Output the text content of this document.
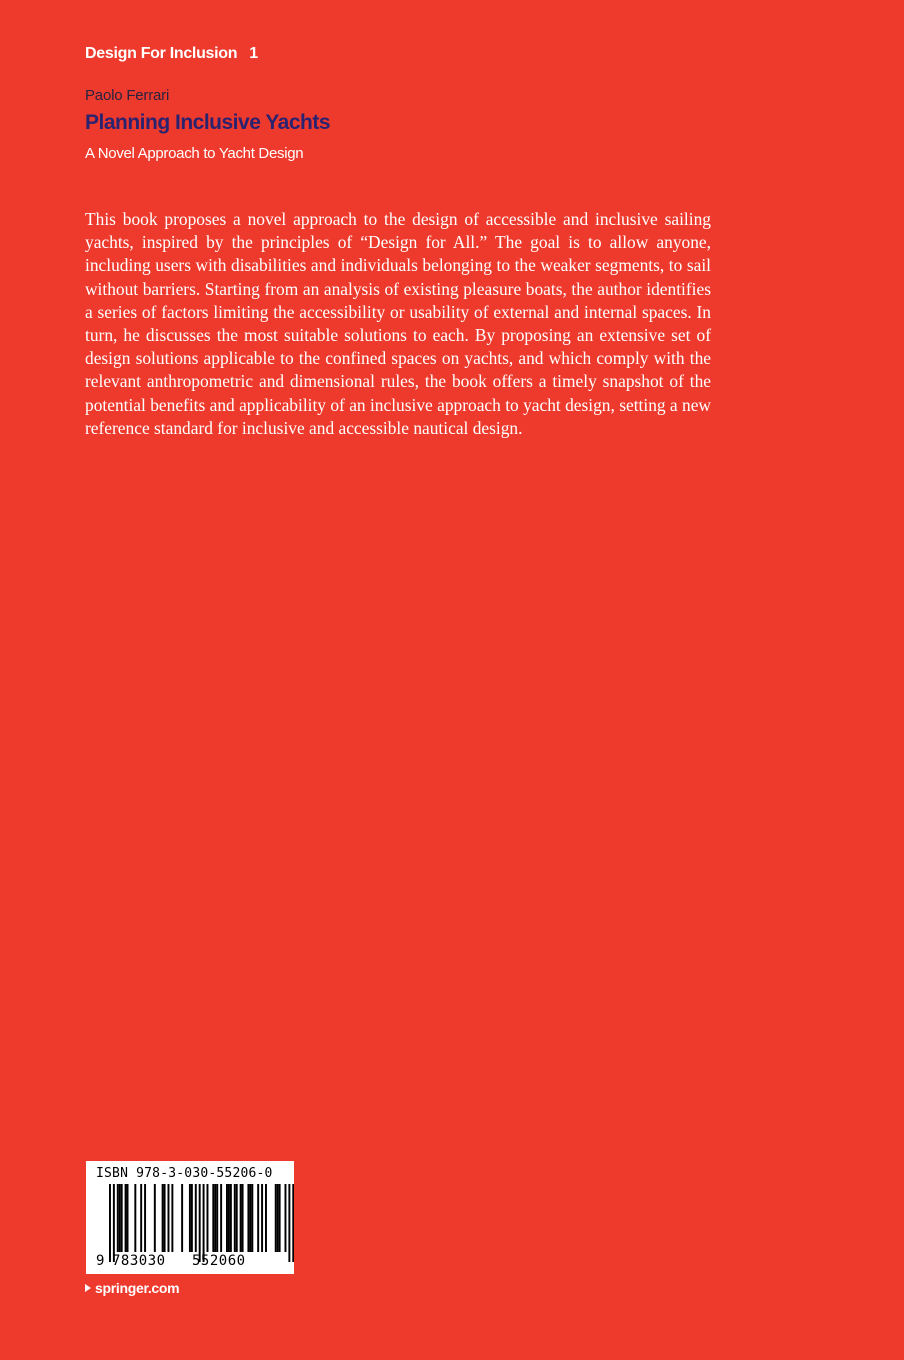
Design For Inclusion 1
Paolo Ferrari
Planning Inclusive Yachts
A Novel Approach to Yacht Design

This book proposes a novel approach to the design of accessible and inclusive sailing yachts, inspired by the principles of “Design for All.” The goal is to allow anyone, including users with disabilities and individuals belonging to the weaker segments, to sail without barriers. Starting from an analysis of existing pleasure boats, the author identifies a series of factors limiting the accessibility or usability of external and internal spaces. In turn, he discusses the most suitable solutions to each. By proposing an extensive set of design solutions applicable to the confined spaces on yachts, and which comply with the relevant anthropometric and dimensional rules, the book offers a timely snapshot of the potential benefits and applicability of an inclusive approach to yacht design, setting a new reference standard for inclusive and accessible nautical design.

ISBN 978-3-030-55206-0
9 783030 552060
springer.com
